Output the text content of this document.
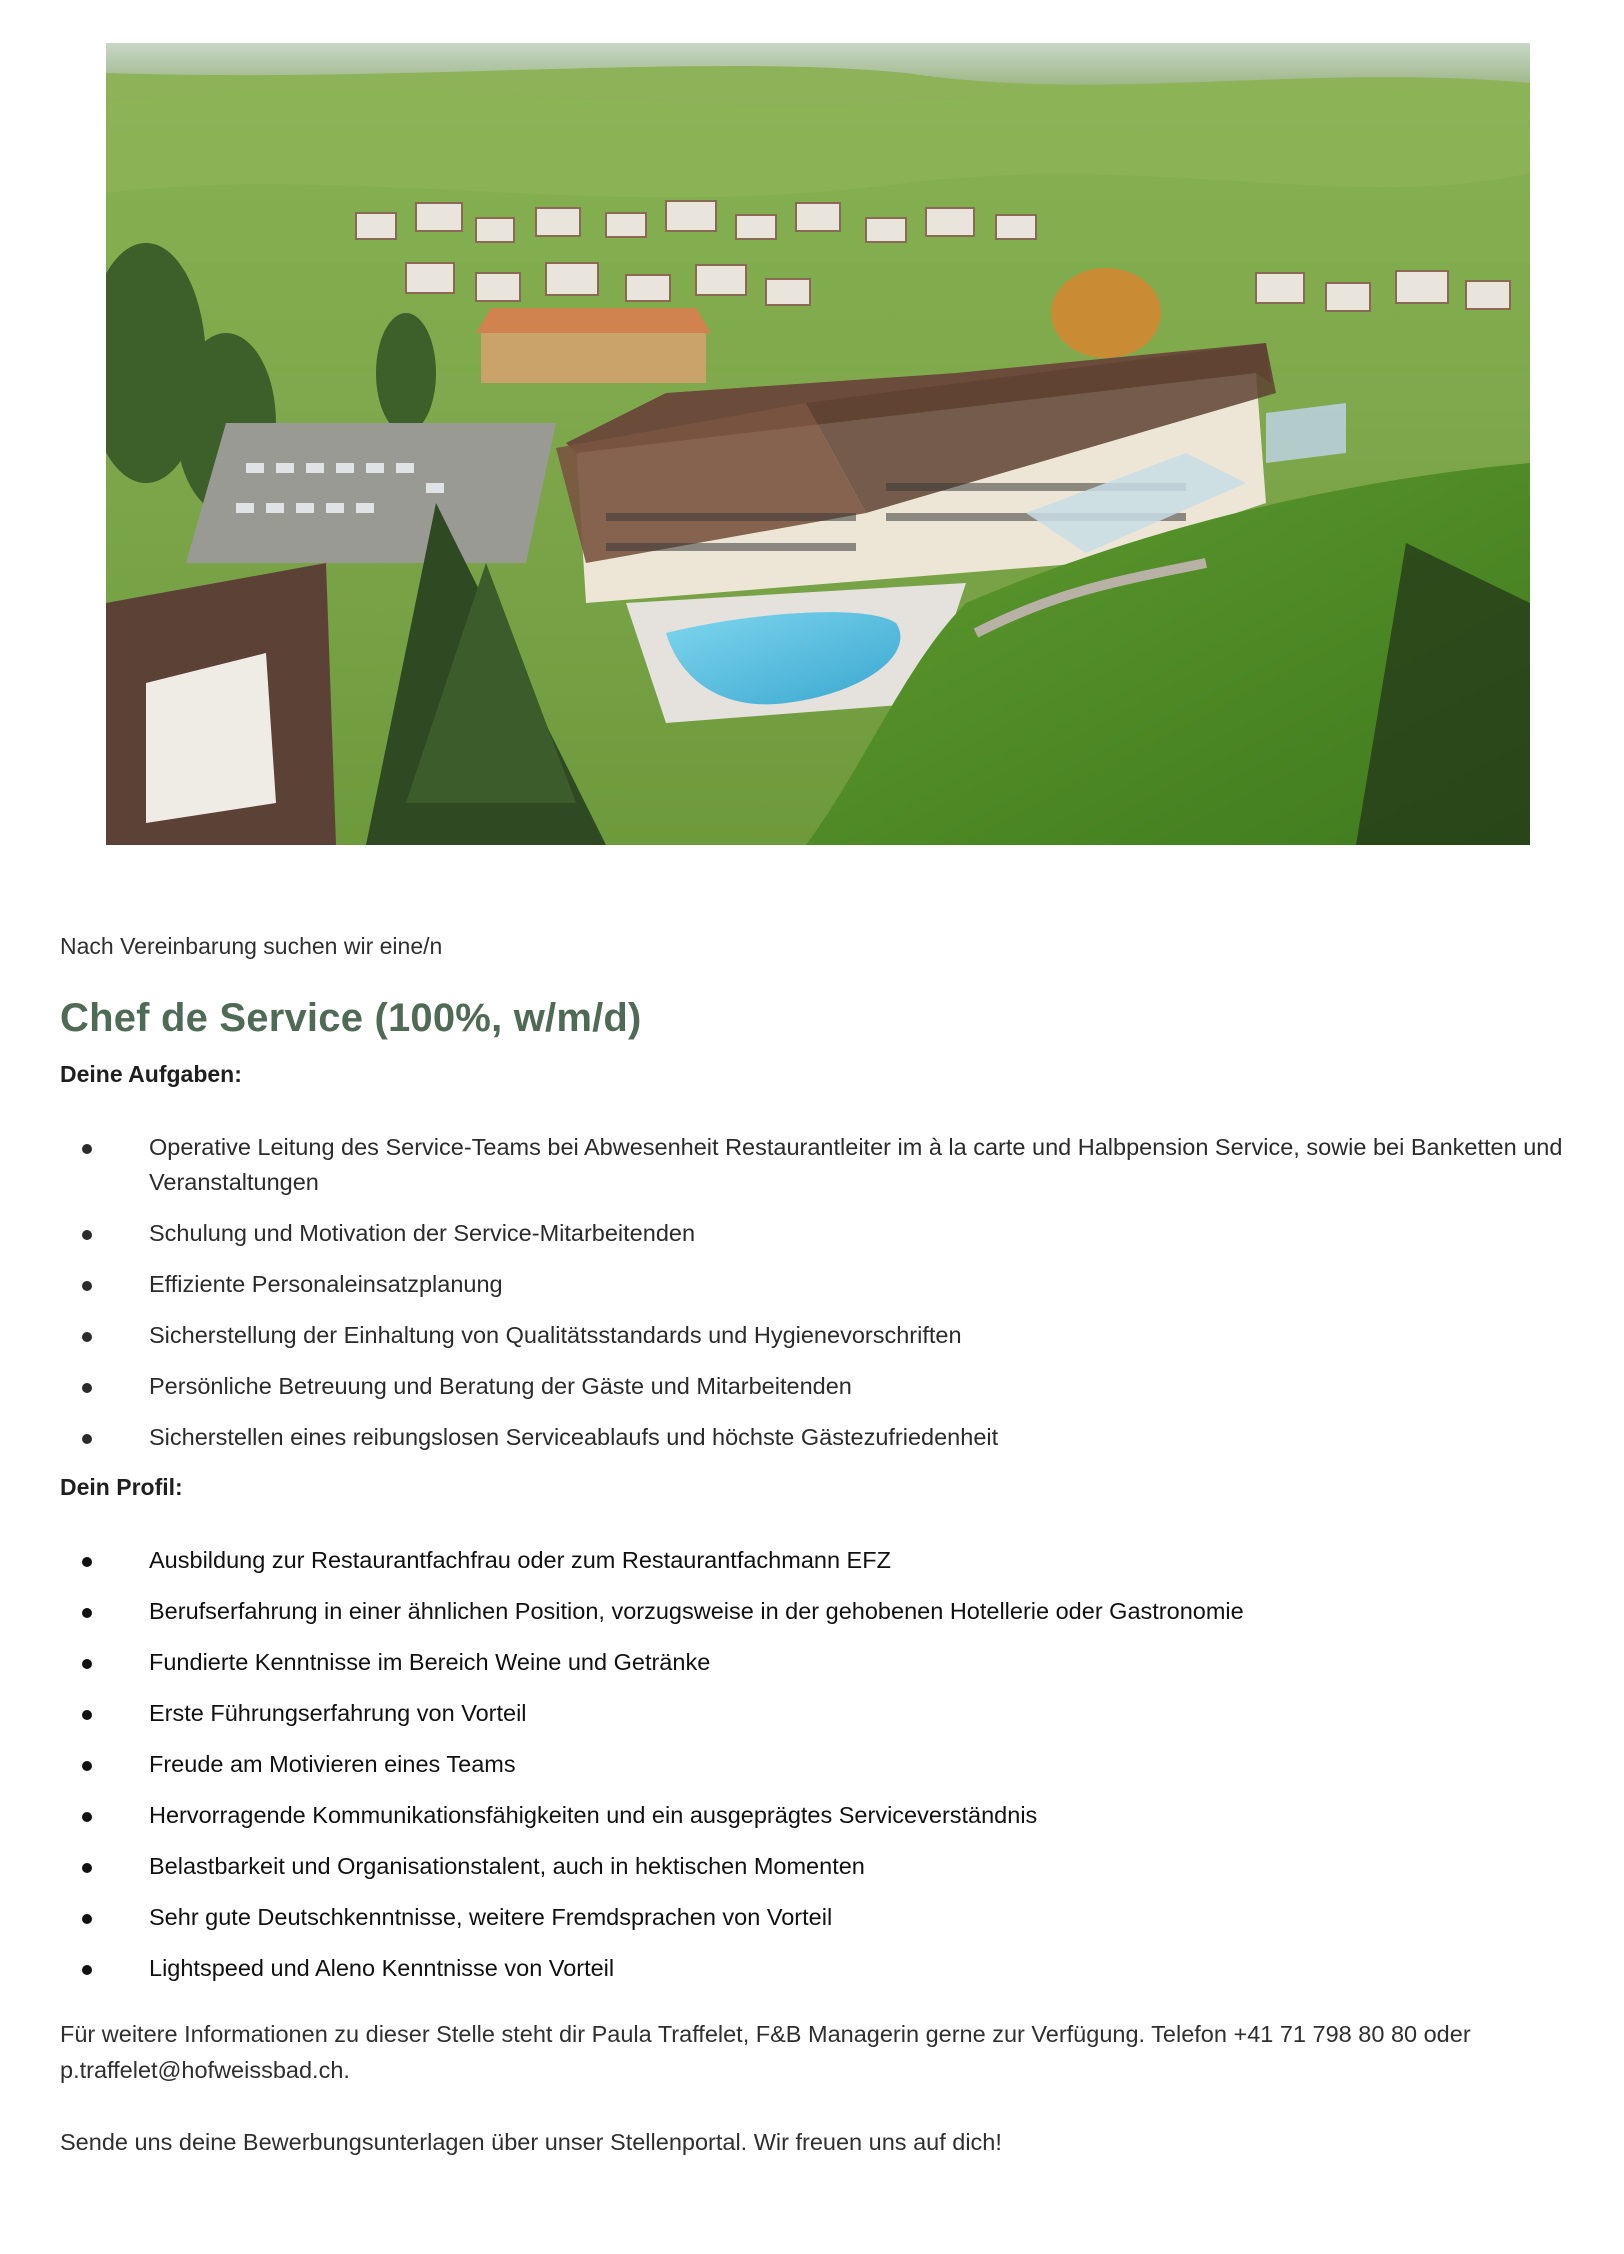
Nach Vereinbarung suchen wir eine/n

Chef de Service (100%, w/m/d)

Deine Aufgaben:

Operative Leitung des Service-Teams bei Abwesenheit Restaurantleiter im à la carte und Halbpension Service, sowie bei Banketten und Veranstaltungen
Schulung und Motivation der Service-Mitarbeitenden
Effiziente Personaleinsatzplanung
Sicherstellung der Einhaltung von Qualitätsstandards und Hygienevorschriften
Persönliche Betreuung und Beratung der Gäste und Mitarbeitenden
Sicherstellen eines reibungslosen Serviceablaufs und höchste Gästezufriedenheit

Dein Profil:

Ausbildung zur Restaurantfachfrau oder zum Restaurantfachmann EFZ
Berufserfahrung in einer ähnlichen Position, vorzugsweise in der gehobenen Hotellerie oder Gastronomie
Fundierte Kenntnisse im Bereich Weine und Getränke
Erste Führungserfahrung von Vorteil
Freude am Motivieren eines Teams
Hervorragende Kommunikationsfähigkeiten und ein ausgeprägtes Serviceverständnis
Belastbarkeit und Organisationstalent, auch in hektischen Momenten
Sehr gute Deutschkenntnisse, weitere Fremdsprachen von Vorteil
Lightspeed und Aleno Kenntnisse von Vorteil

Für weitere Informationen zu dieser Stelle steht dir Paula Traffelet, F&B Managerin gerne zur Verfügung. Telefon +41 71 798 80 80 oder
p.traffelet@hofweissbad.ch.

Sende uns deine Bewerbungsunterlagen über unser Stellenportal. Wir freuen uns auf dich!
